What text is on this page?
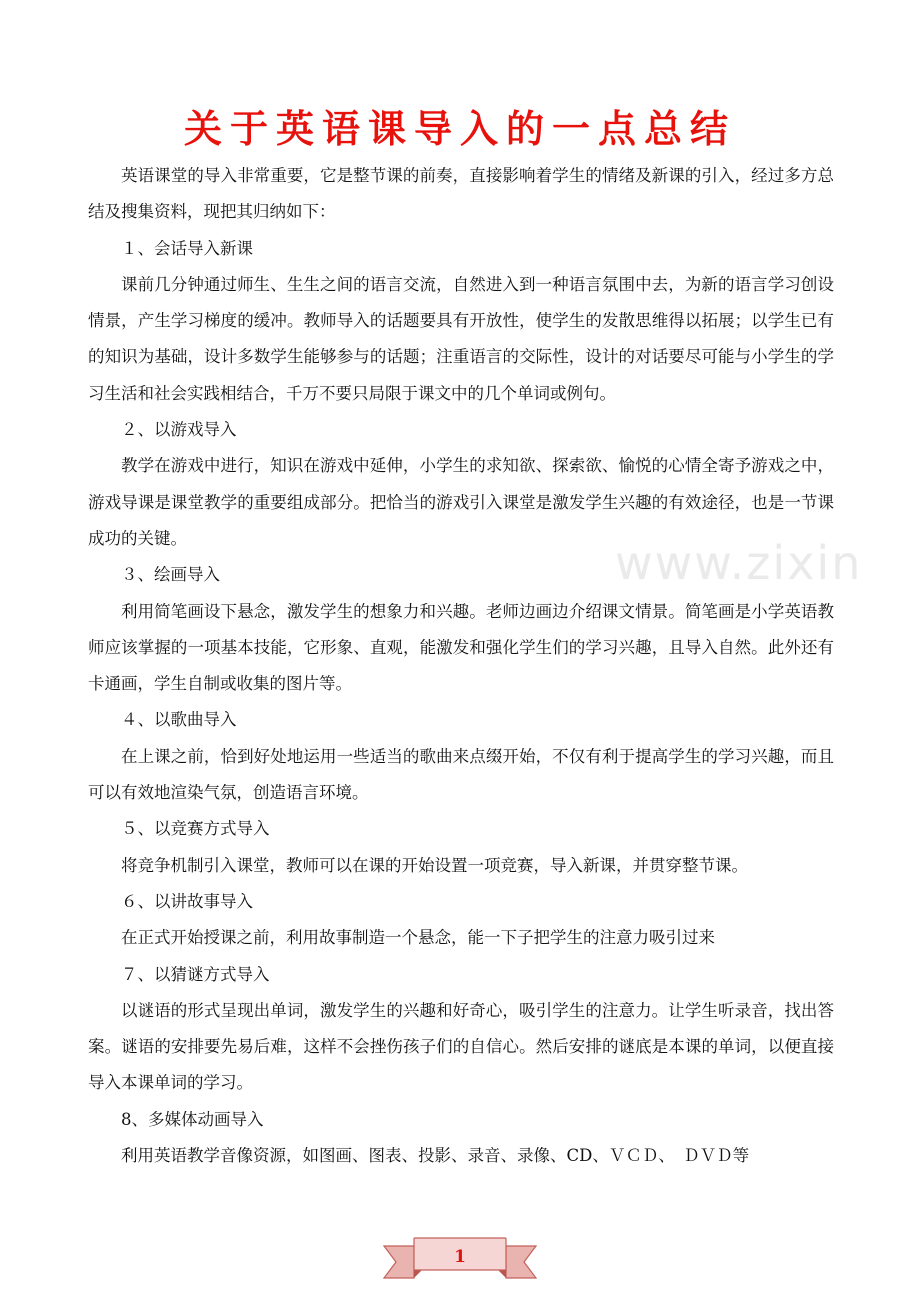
www.zixin
关于英语课导入的一点总结

英语课堂的导入非常重要，它是整节课的前奏，直接影响着学生的情绪及新课的引入，经过多方总结及搜集资料，现把其归纳如下：

１、会话导入新课

课前几分钟通过师生、生生之间的语言交流，自然进入到一种语言氛围中去，为新的语言学习创设情景，产生学习梯度的缓冲。教师导入的话题要具有开放性，使学生的发散思维得以拓展；以学生已有的知识为基础，设计多数学生能够参与的话题；注重语言的交际性，设计的对话要尽可能与小学生的学习生活和社会实践相结合，千万不要只局限于课文中的几个单词或例句。

２、以游戏导入

教学在游戏中进行，知识在游戏中延伸，小学生的求知欲、探索欲、愉悦的心情全寄予游戏之中，游戏导课是课堂教学的重要组成部分。把恰当的游戏引入课堂是激发学生兴趣的有效途径，也是一节课成功的关键。

３、绘画导入

利用简笔画设下悬念，激发学生的想象力和兴趣。老师边画边介绍课文情景。简笔画是小学英语教师应该掌握的一项基本技能，它形象、直观，能激发和强化学生们的学习兴趣，且导入自然。此外还有卡通画，学生自制或收集的图片等。

４、以歌曲导入

在上课之前，恰到好处地运用一些适当的歌曲来点缀开始，不仅有利于提高学生的学习兴趣，而且可以有效地渲染气氛，创造语言环境。

５、以竞赛方式导入

将竞争机制引入课堂，教师可以在课的开始设置一项竞赛，导入新课，并贯穿整节课。

６、以讲故事导入

在正式开始授课之前，利用故事制造一个悬念，能一下子把学生的注意力吸引过来

７、以猜谜方式导入

以谜语的形式呈现出单词，激发学生的兴趣和好奇心，吸引学生的注意力。让学生听录音，找出答案。谜语的安排要先易后难，这样不会挫伤孩子们的自信心。然后安排的谜底是本课的单词，以便直接导入本课单词的学习。

8、多媒体动画导入

利用英语教学音像资源，如图画、图表、投影、录音、录像、CD、ＶＣＤ、　ＤＶＤ等

1
